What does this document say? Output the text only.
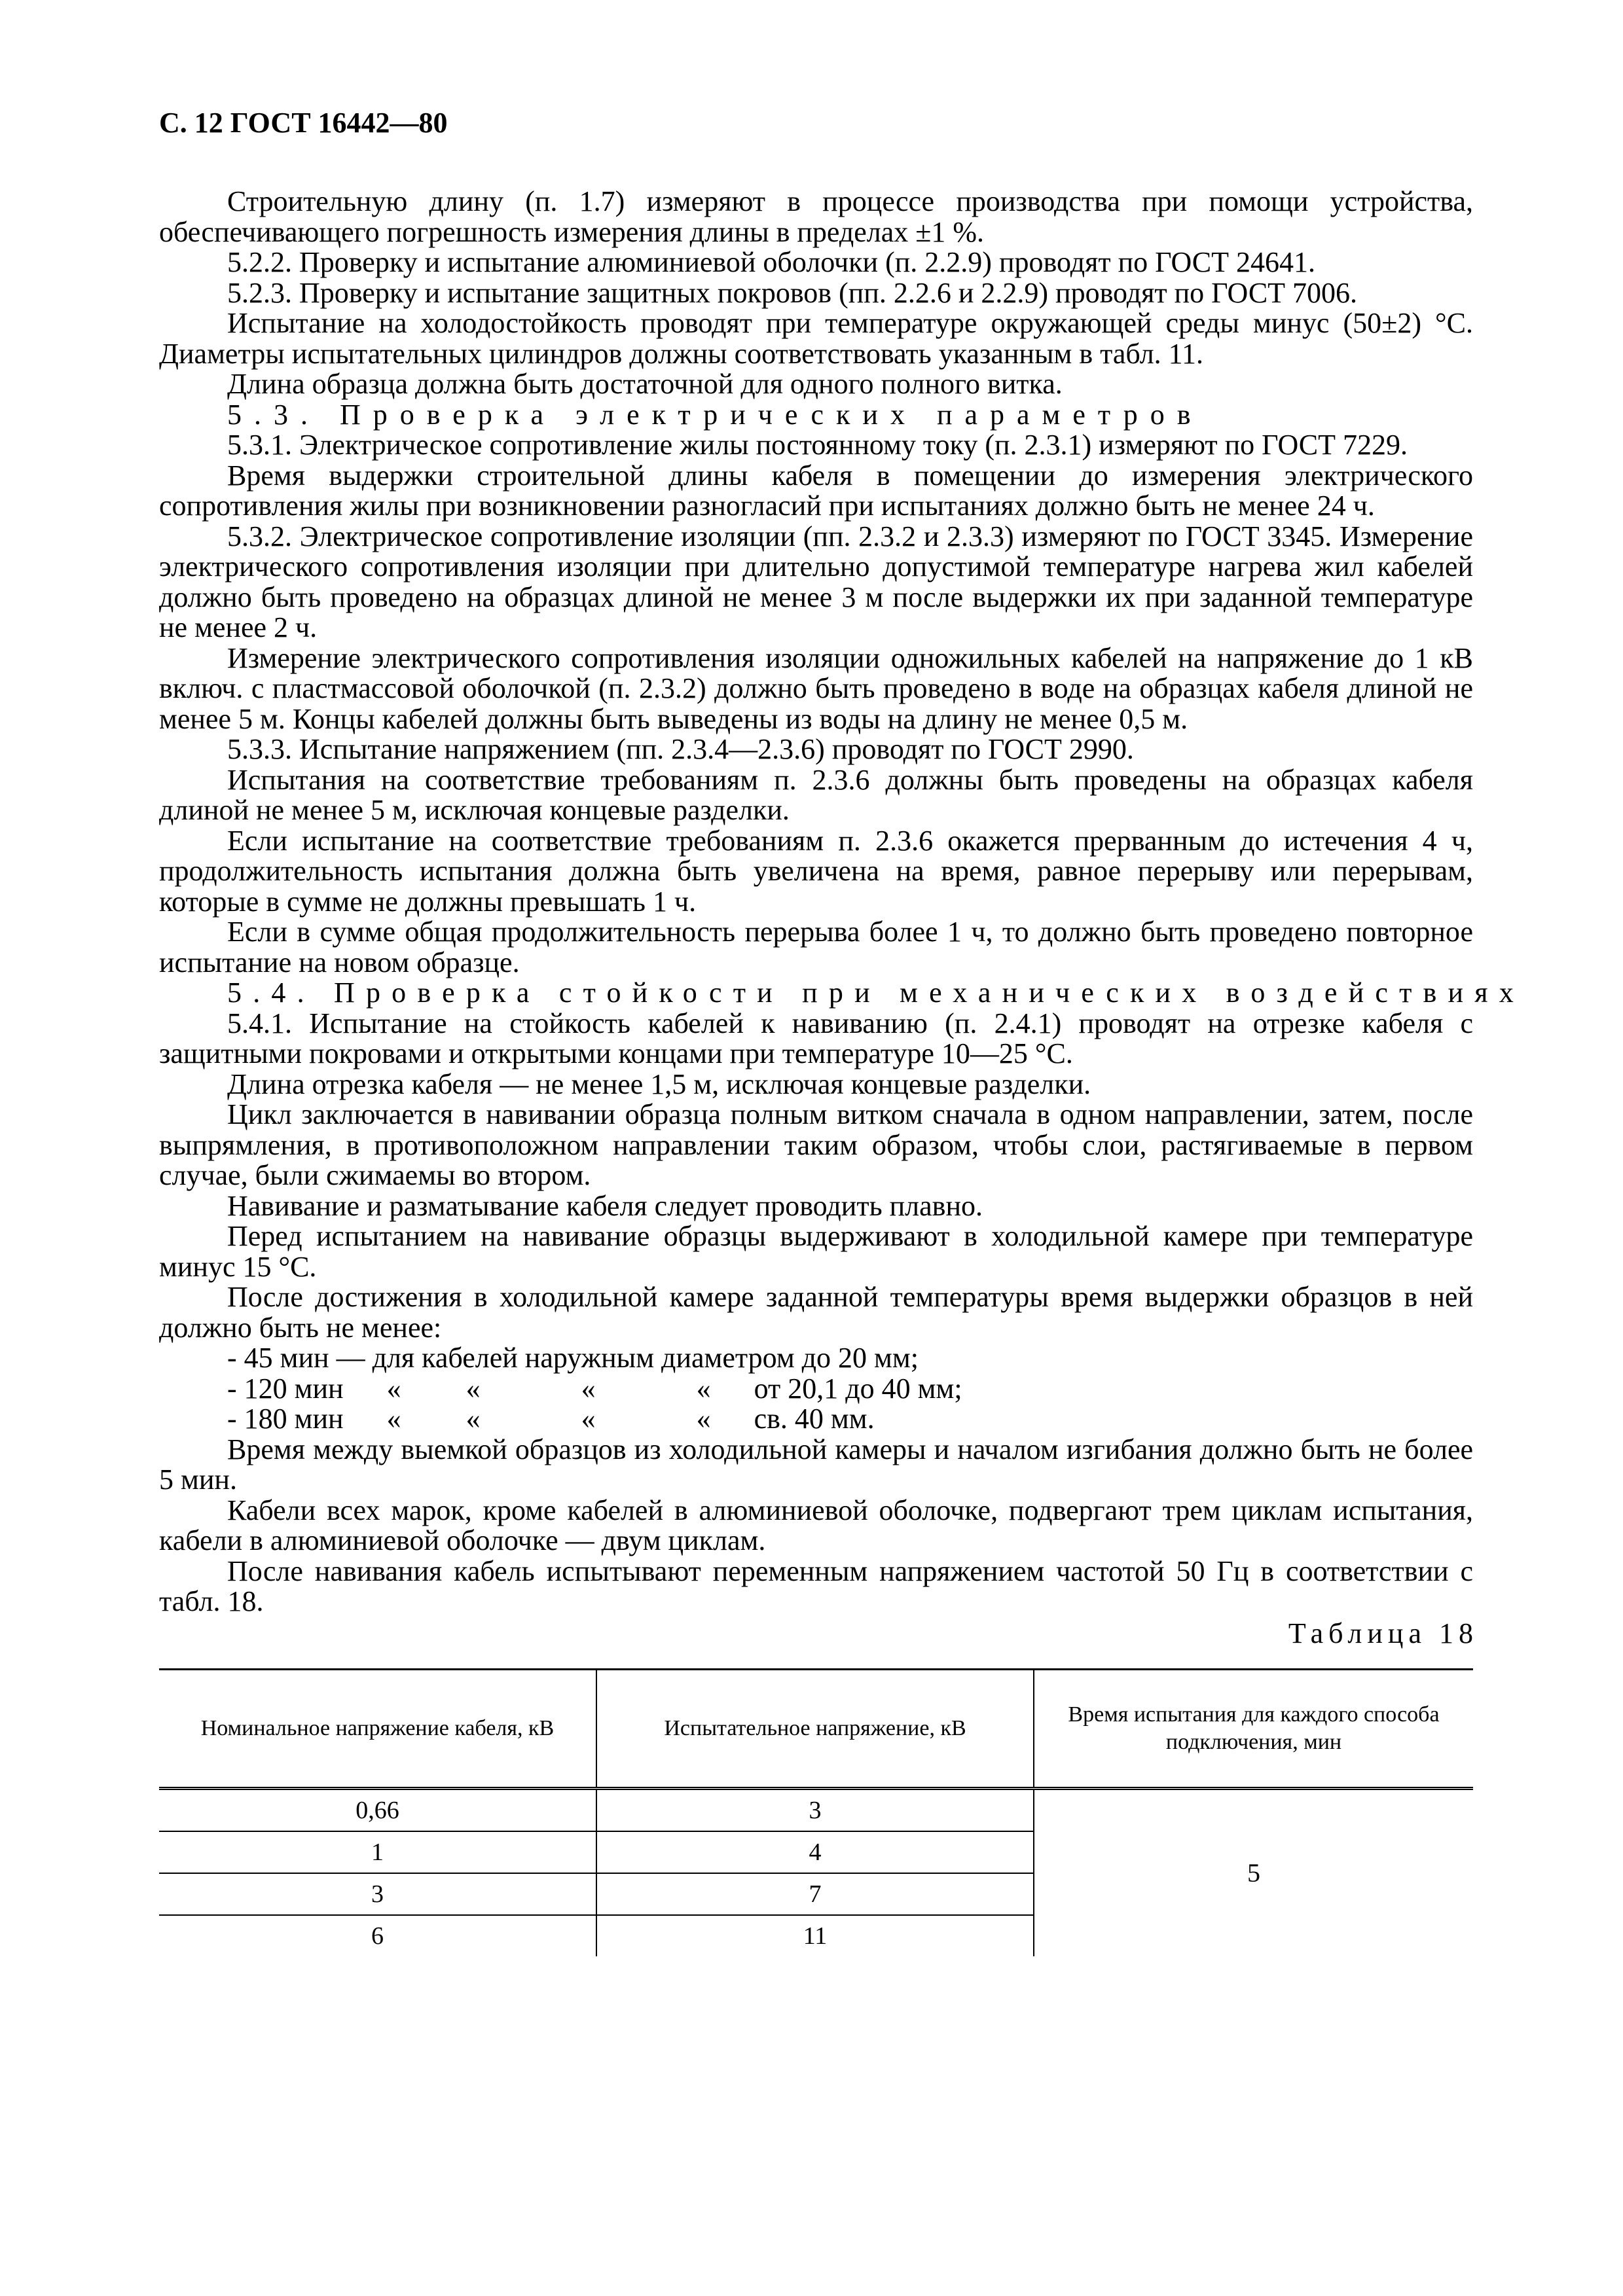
С. 12 ГОСТ 16442—80

Строительную длину (п. 1.7) измеряют в процессе производства при помощи устройства, обеспечивающего погрешность измерения длины в пределах ±1 %.

5.2.2. Проверку и испытание алюминиевой оболочки (п. 2.2.9) проводят по ГОСТ 24641.

5.2.3. Проверку и испытание защитных покровов (пп. 2.2.6 и 2.2.9) проводят по ГОСТ 7006.

Испытание на холодостойкость проводят при температуре окружающей среды минус (50±2) °С. Диаметры испытательных цилиндров должны соответствовать указанным в табл. 11.

Длина образца должна быть достаточной для одного полного витка.

5.3. Проверка электрических параметров

5.3.1. Электрическое сопротивление жилы постоянному току (п. 2.3.1) измеряют по ГОСТ 7229.

Время выдержки строительной длины кабеля в помещении до измерения электрического сопротивления жилы при возникновении разногласий при испытаниях должно быть не менее 24 ч.

5.3.2. Электрическое сопротивление изоляции (пп. 2.3.2 и 2.3.3) измеряют по ГОСТ 3345. Измерение электрического сопротивления изоляции при длительно допустимой температуре нагрева жил кабелей должно быть проведено на образцах длиной не менее 3 м после выдержки их при заданной температуре не менее 2 ч.

Измерение электрического сопротивления изоляции одножильных кабелей на напряжение до 1 кВ включ. с пластмассовой оболочкой (п. 2.3.2) должно быть проведено в воде на образцах кабеля длиной не менее 5 м. Концы кабелей должны быть выведены из воды на длину не менее 0,5 м.

5.3.3. Испытание напряжением (пп. 2.3.4—2.3.6) проводят по ГОСТ 2990.

Испытания на соответствие требованиям п. 2.3.6 должны быть проведены на образцах кабеля длиной не менее 5 м, исключая концевые разделки.

Если испытание на соответствие требованиям п. 2.3.6 окажется прерванным до истечения 4 ч, продолжительность испытания должна быть увеличена на время, равное перерыву или перерывам, которые в сумме не должны превышать 1 ч.

Если в сумме общая продолжительность перерыва более 1 ч, то должно быть проведено повторное испытание на новом образце.

5.4. Проверка стойкости при механических воздействиях

5.4.1. Испытание на стойкость кабелей к навиванию (п. 2.4.1) проводят на отрезке кабеля с защитными покровами и открытыми концами при температуре 10—25 °С.

Длина отрезка кабеля — не менее 1,5 м, исключая концевые разделки.

Цикл заключается в навивании образца полным витком сначала в одном направлении, затем, после выпрямления, в противоположном направлении таким образом, чтобы слои, растягиваемые в первом случае, были сжимаемы во втором.

Навивание и разматывание кабеля следует проводить плавно.

Перед испытанием на навивание образцы выдерживают в холодильной камере при температуре минус 15 °С.

После достижения в холодильной камере заданной температуры время выдержки образцов в ней должно быть не менее:

- 45 мин — для кабелей наружным диаметром до 20 мм;

- 120 мин      «         «              «              «      от 20,1 до 40 мм;

- 180 мин      «         «              «              «      св. 40 мм.

Время между выемкой образцов из холодильной камеры и началом изгибания должно быть не более 5 мин.

Кабели всех марок, кроме кабелей в алюминиевой оболочке, подвергают трем циклам испытания, кабели в алюминиевой оболочке — двум циклам.

После навивания кабель испытывают переменным напряжением частотой 50 Гц в соответствии с табл. 18.

Таблица 18

Номинальное напряжение кабеля, кВ	Испытательное напряжение, кВ	Время испытания для каждого способа подключения, мин
0,66	3	5
1	4	
3	7	
6	11	
